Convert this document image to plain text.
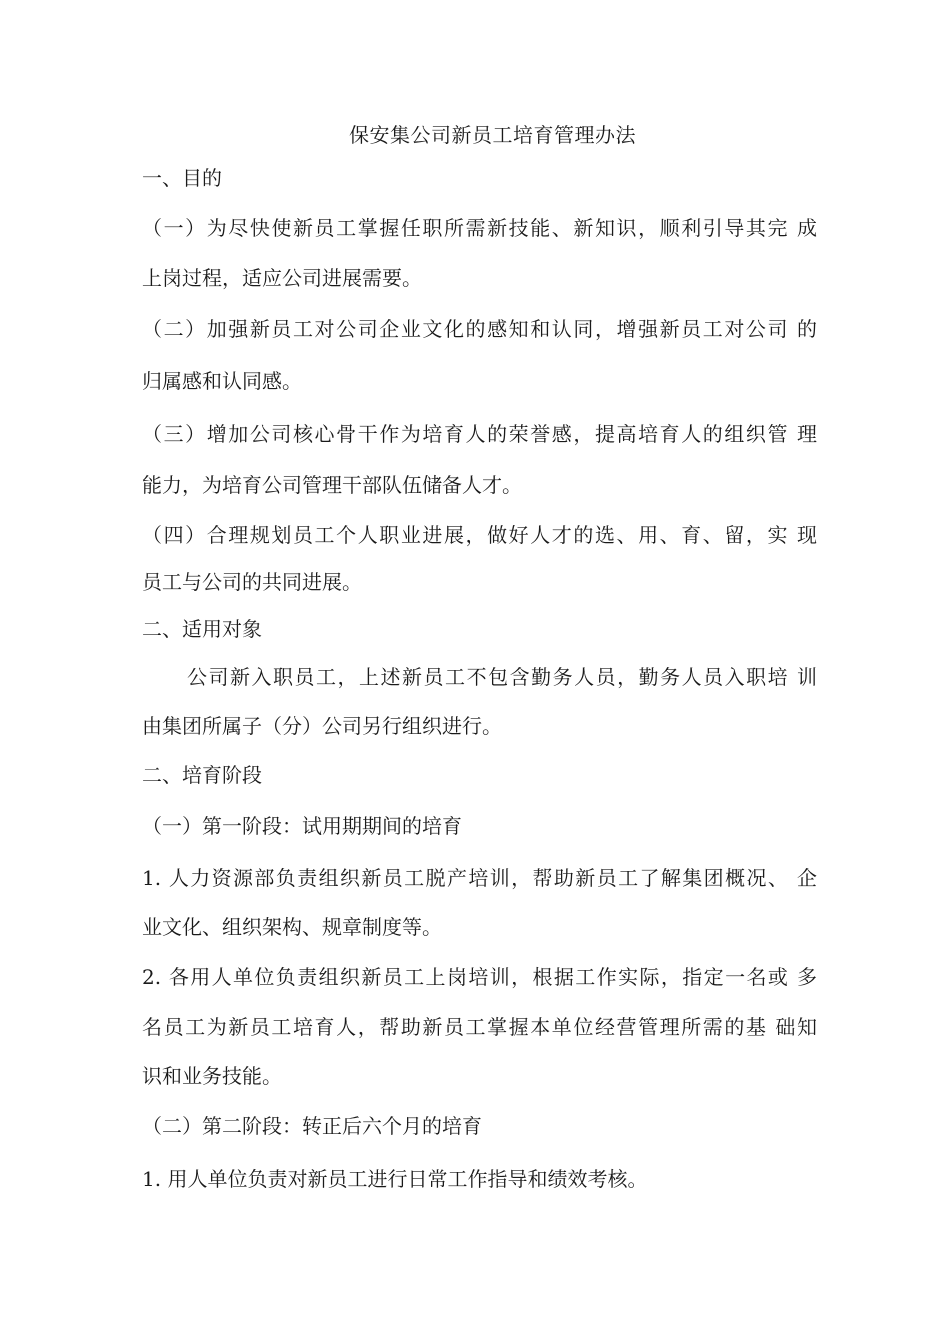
保安集公司新员工培育管理办法
一、目的
（一）为尽快使新员工掌握任职所需新技能、新知识，顺利引导其完 成
上岗过程，适应公司进展需要。
（二）加强新员工对公司企业文化的感知和认同，增强新员工对公司 的
归属感和认同感。
（三）增加公司核心骨干作为培育人的荣誉感，提高培育人的组织管 理
能力，为培育公司管理干部队伍储备人才。
（四）合理规划员工个人职业进展，做好人才的选、用、育、留，实 现
员工与公司的共同进展。
二、适用对象
公司新入职员工，上述新员工不包含勤务人员，勤务人员入职培 训
由集团所属子（分）公司另行组织进行。
二、培育阶段
（一）第一阶段：试用期期间的培育
1. 人力资源部负责组织新员工脱产培训，帮助新员工了解集团概况、 企
业文化、组织架构、规章制度等。
2. 各用人单位负责组织新员工上岗培训，根据工作实际，指定一名或 多
名员工为新员工培育人，帮助新员工掌握本单位经营管理所需的基 础知
识和业务技能。
（二）第二阶段：转正后六个月的培育
1. 用人单位负责对新员工进行日常工作指导和绩效考核。
